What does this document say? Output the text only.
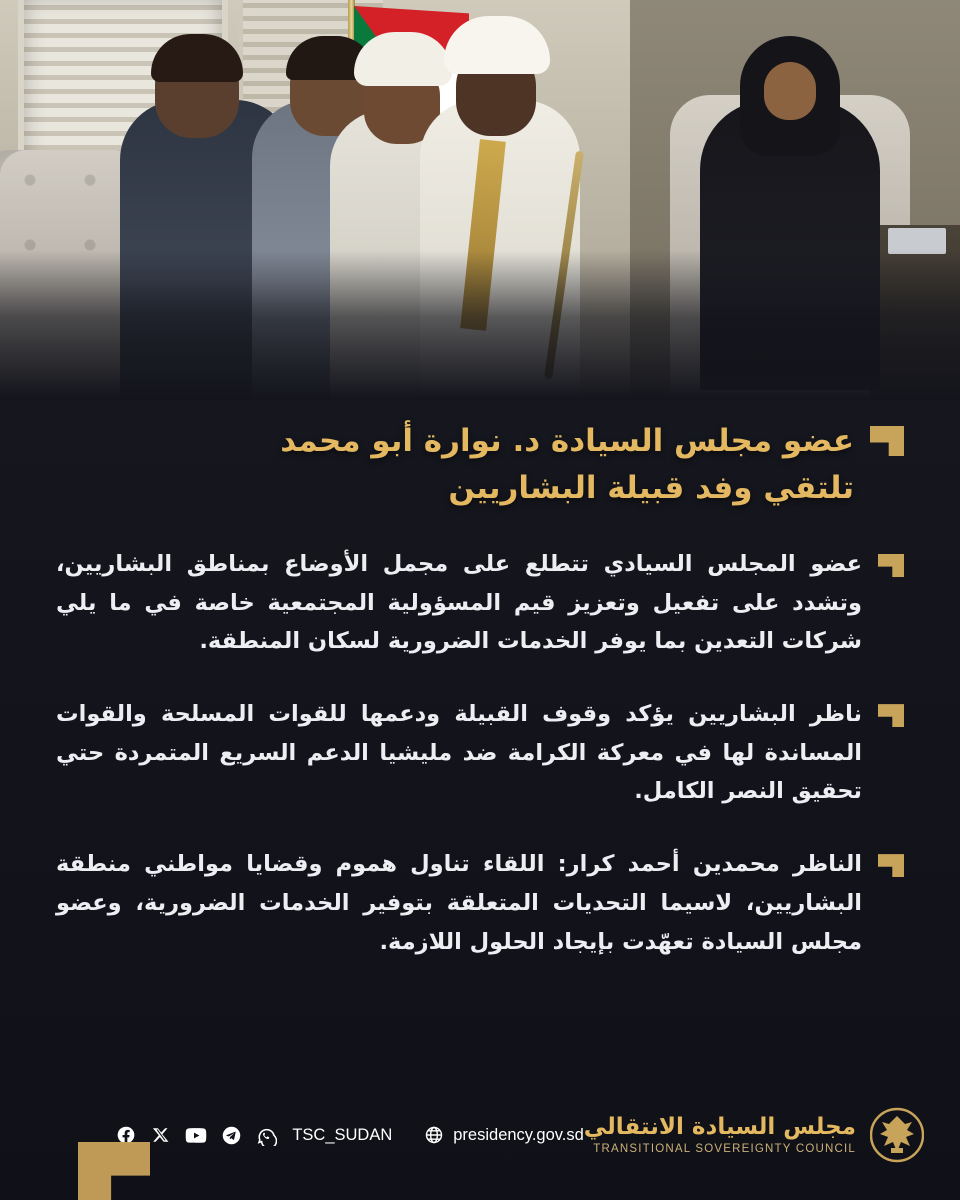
عضو مجلس السيادة د. نوارة أبو محمد
تلتقي وفد قبيلة البشاريين
عضو المجلس السيادي تتطلع على مجمل الأوضاع بمناطق البشاريين، وتشدد على تفعيل وتعزيز قيم المسؤولية المجتمعية خاصة في ما يلي شركات التعدين بما يوفر الخدمات الضرورية لسكان المنطقة.
ناظر البشاريين يؤكد وقوف القبيلة ودعمها للقوات المسلحة والقوات المساندة لها في معركة الكرامة ضد مليشيا الدعم السريع المتمردة حتي تحقيق النصر الكامل.
الناظر محمدين أحمد كرار: اللقاء تناول هموم وقضايا مواطني منطقة البشاريين، لاسيما التحديات المتعلقة بتوفير الخدمات الضرورية، وعضو مجلس السيادة تعهّدت بإيجاد الحلول اللازمة.
مجلس السيادة الانتقالي
TRANSITIONAL SOVEREIGNTY COUNCIL
TSC_SUDAN	presidency.gov.sd
